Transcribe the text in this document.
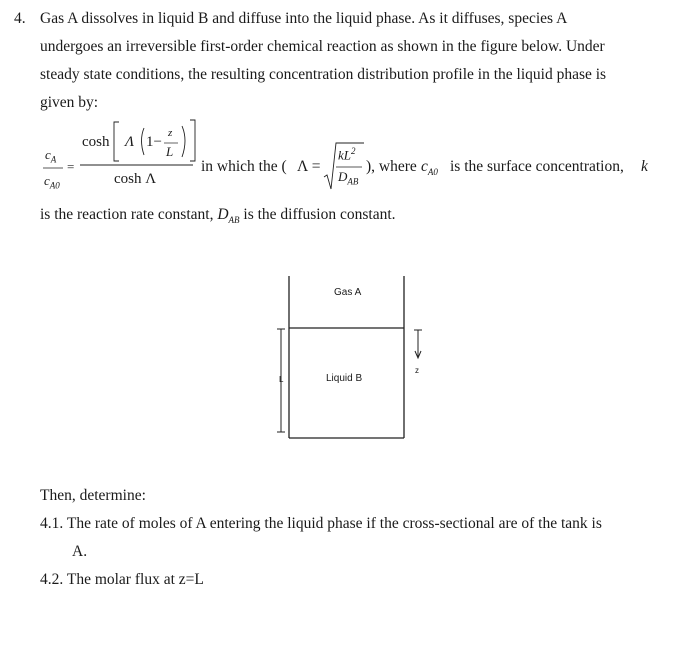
4. Gas A dissolves in liquid B and diffuse into the liquid phase. As it diffuses, species A
undergoes an irreversible first-order chemical reaction as shown in the figure below. Under
steady state conditions, the resulting concentration distribution profile in the liquid phase is
given by:
$c_A$
$c_{A0}$
=
cosh Λ 1−
z
L
cosh Λ
in which the ( Λ =
$kL^2$
$D_{AB}$
), where $c_{A0}$ is the surface concentration, k
is the reaction rate constant, $D_{AB}$ is the diffusion constant.
Gas A
Liquid B
L
z
Then, determine:
4.1. The rate of moles of A entering the liquid phase if the cross-sectional are of the tank is
A.
4.2. The molar flux at z=L
